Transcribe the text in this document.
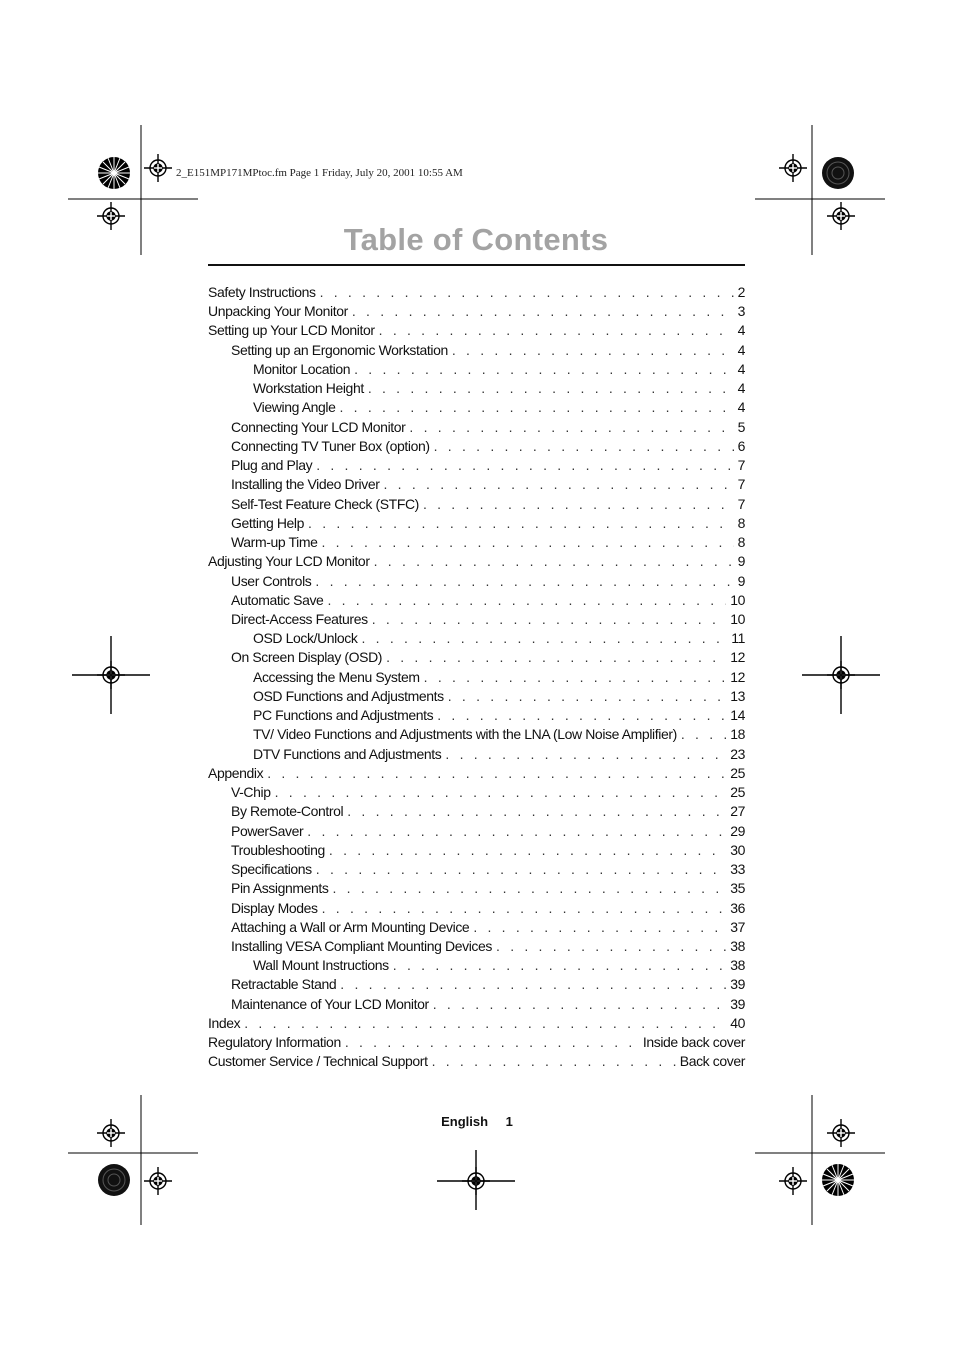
2_E151MP171MPtoc.fm Page 1 Friday, July 20, 2001 10:55 AM
Table of Contents
Safety Instructions . . .	2
Unpacking Your Monitor . . .	3
Setting up Your LCD Monitor . . .	4
Setting up an Ergonomic Workstation . . .	4
Monitor Location . . .	4
Workstation Height . . .	4
Viewing Angle . . .	4
Connecting Your LCD Monitor . . .	5
Connecting TV Tuner Box (option) . . .	6
Plug and Play . . .	7
Installing the Video Driver . . .	7
Self-Test Feature Check (STFC) . . .	7
Getting Help . . .	8
Warm-up Time . . .	8
Adjusting Your LCD Monitor . . .	9
User Controls . . .	9
Automatic Save . . .	10
Direct-Access Features . . .	10
OSD Lock/Unlock . . .	11
On Screen Display (OSD) . . .	12
Accessing the Menu System . . .	12
OSD Functions and Adjustments . . .	13
PC Functions and Adjustments . . .	14
TV/ Video Functions and Adjustments with the LNA (Low Noise Amplifier) . . .	18
DTV Functions and Adjustments . . .	23
Appendix . . .	25
V-Chip . . .	25
By Remote-Control . . .	27
PowerSaver . . .	29
Troubleshooting . . .	30
Specifications . . .	33
Pin Assignments . . .	35
Display Modes . . .	36
Attaching a Wall or Arm Mounting Device . . .	37
Installing VESA Compliant Mounting Devices . . .	38
Wall Mount Instructions . . .	38
Retractable Stand . . .	39
Maintenance of Your LCD Monitor . . .	39
Index . . .	40
Regulatory Information . . .	Inside back cover
Customer Service / Technical Support . . .	Back cover
English 1
